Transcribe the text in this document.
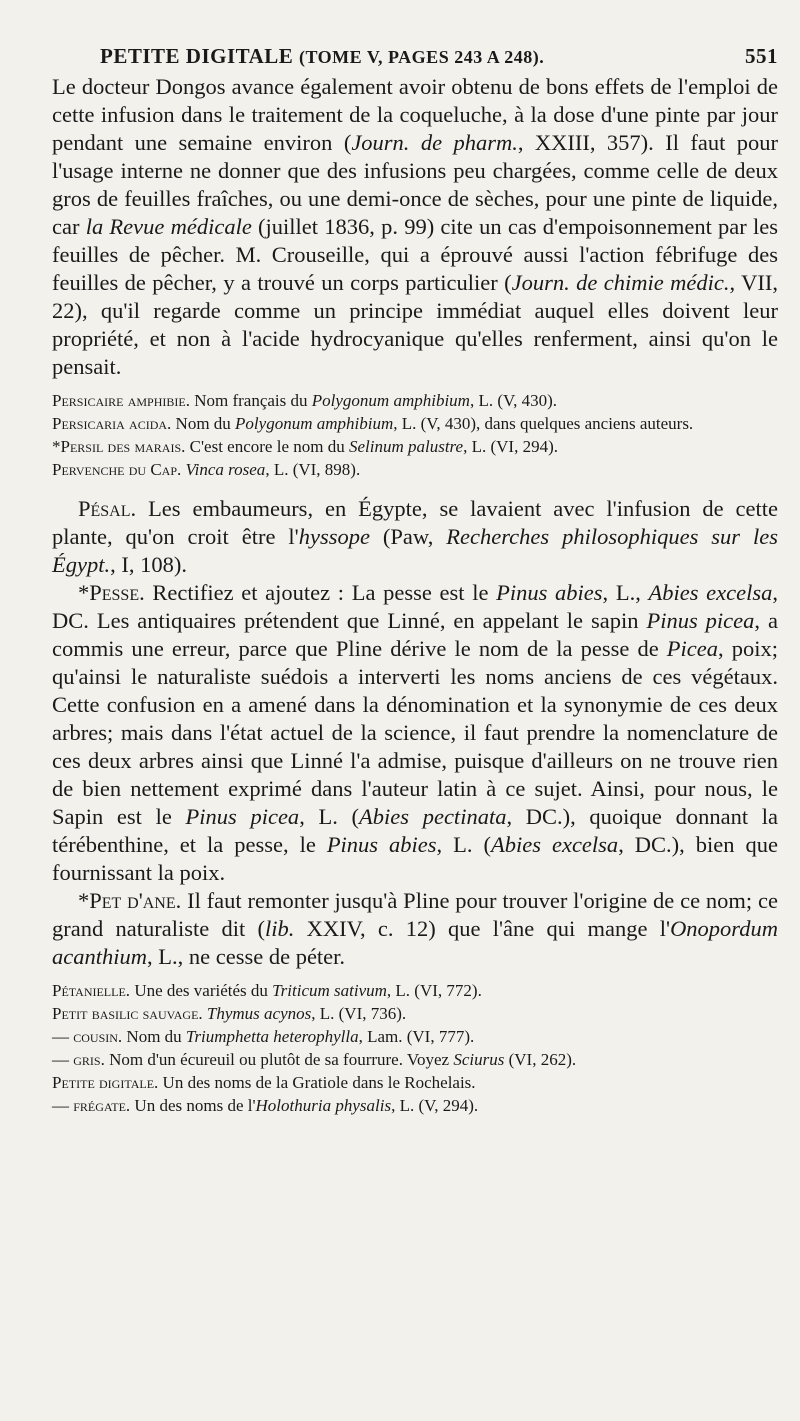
PETITE DIGITALE (TOME V, PAGES 243 A 248).	551

Le docteur Dongos avance également avoir obtenu de bons effets de l'emploi de cette infusion dans le traitement de la coqueluche, à la dose d'une pinte par jour pendant une semaine environ (Journ. de pharm., XXIII, 357). Il faut pour l'usage interne ne donner que des infusions peu chargées, comme celle de deux gros de feuilles fraîches, ou une demi-once de sèches, pour une pinte de liquide, car la Revue médicale (juillet 1836, p. 99) cite un cas d'empoisonnement par les feuilles de pêcher. M. Crouseille, qui a éprouvé aussi l'action fébrifuge des feuilles de pêcher, y a trouvé un corps particulier (Journ. de chimie médic., VII, 22), qu'il regarde comme un principe immédiat auquel elles doivent leur propriété, et non à l'acide hydrocyanique qu'elles renferment, ainsi qu'on le pensait.

Persicaire amphibie. Nom français du Polygonum amphibium, L. (V, 430).

Persicaria acida. Nom du Polygonum amphibium, L. (V, 430), dans quelques anciens auteurs.

*Persil des marais. C'est encore le nom du Selinum palustre, L. (VI, 294).

Pervenche du Cap. Vinca rosea, L. (VI, 898).

Pésal. Les embaumeurs, en Égypte, se lavaient avec l'infusion de cette plante, qu'on croit être l'hyssope (Paw, Recherches philosophiques sur les Égypt., I, 108).

*Pesse. Rectifiez et ajoutez : La pesse est le Pinus abies, L., Abies excelsa, DC. Les antiquaires prétendent que Linné, en appelant le sapin Pinus picea, a commis une erreur, parce que Pline dérive le nom de la pesse de Picea, poix; qu'ainsi le naturaliste suédois a interverti les noms anciens de ces végétaux. Cette confusion en a amené dans la dénomination et la synonymie de ces deux arbres; mais dans l'état actuel de la science, il faut prendre la nomenclature de ces deux arbres ainsi que Linné l'a admise, puisque d'ailleurs on ne trouve rien de bien nettement exprimé dans l'auteur latin à ce sujet. Ainsi, pour nous, le Sapin est le Pinus picea, L. (Abies pectinata, DC.), quoique donnant la térébenthine, et la pesse, le Pinus abies, L. (Abies excelsa, DC.), bien que fournissant la poix.

*Pet d'ane. Il faut remonter jusqu'à Pline pour trouver l'origine de ce nom; ce grand naturaliste dit (lib. XXIV, c. 12) que l'âne qui mange l'Onopordum acanthium, L., ne cesse de péter.

Pétanielle. Une des variétés du Triticum sativum, L. (VI, 772).

Petit basilic sauvage. Thymus acynos, L. (VI, 736).

— cousin. Nom du Triumphetta heterophylla, Lam. (VI, 777).

— gris. Nom d'un écureuil ou plutôt de sa fourrure. Voyez Sciurus (VI, 262).

Petite digitale. Un des noms de la Gratiole dans le Rochelais.

— frégate. Un des noms de l'Holothuria physalis, L. (V, 294).
